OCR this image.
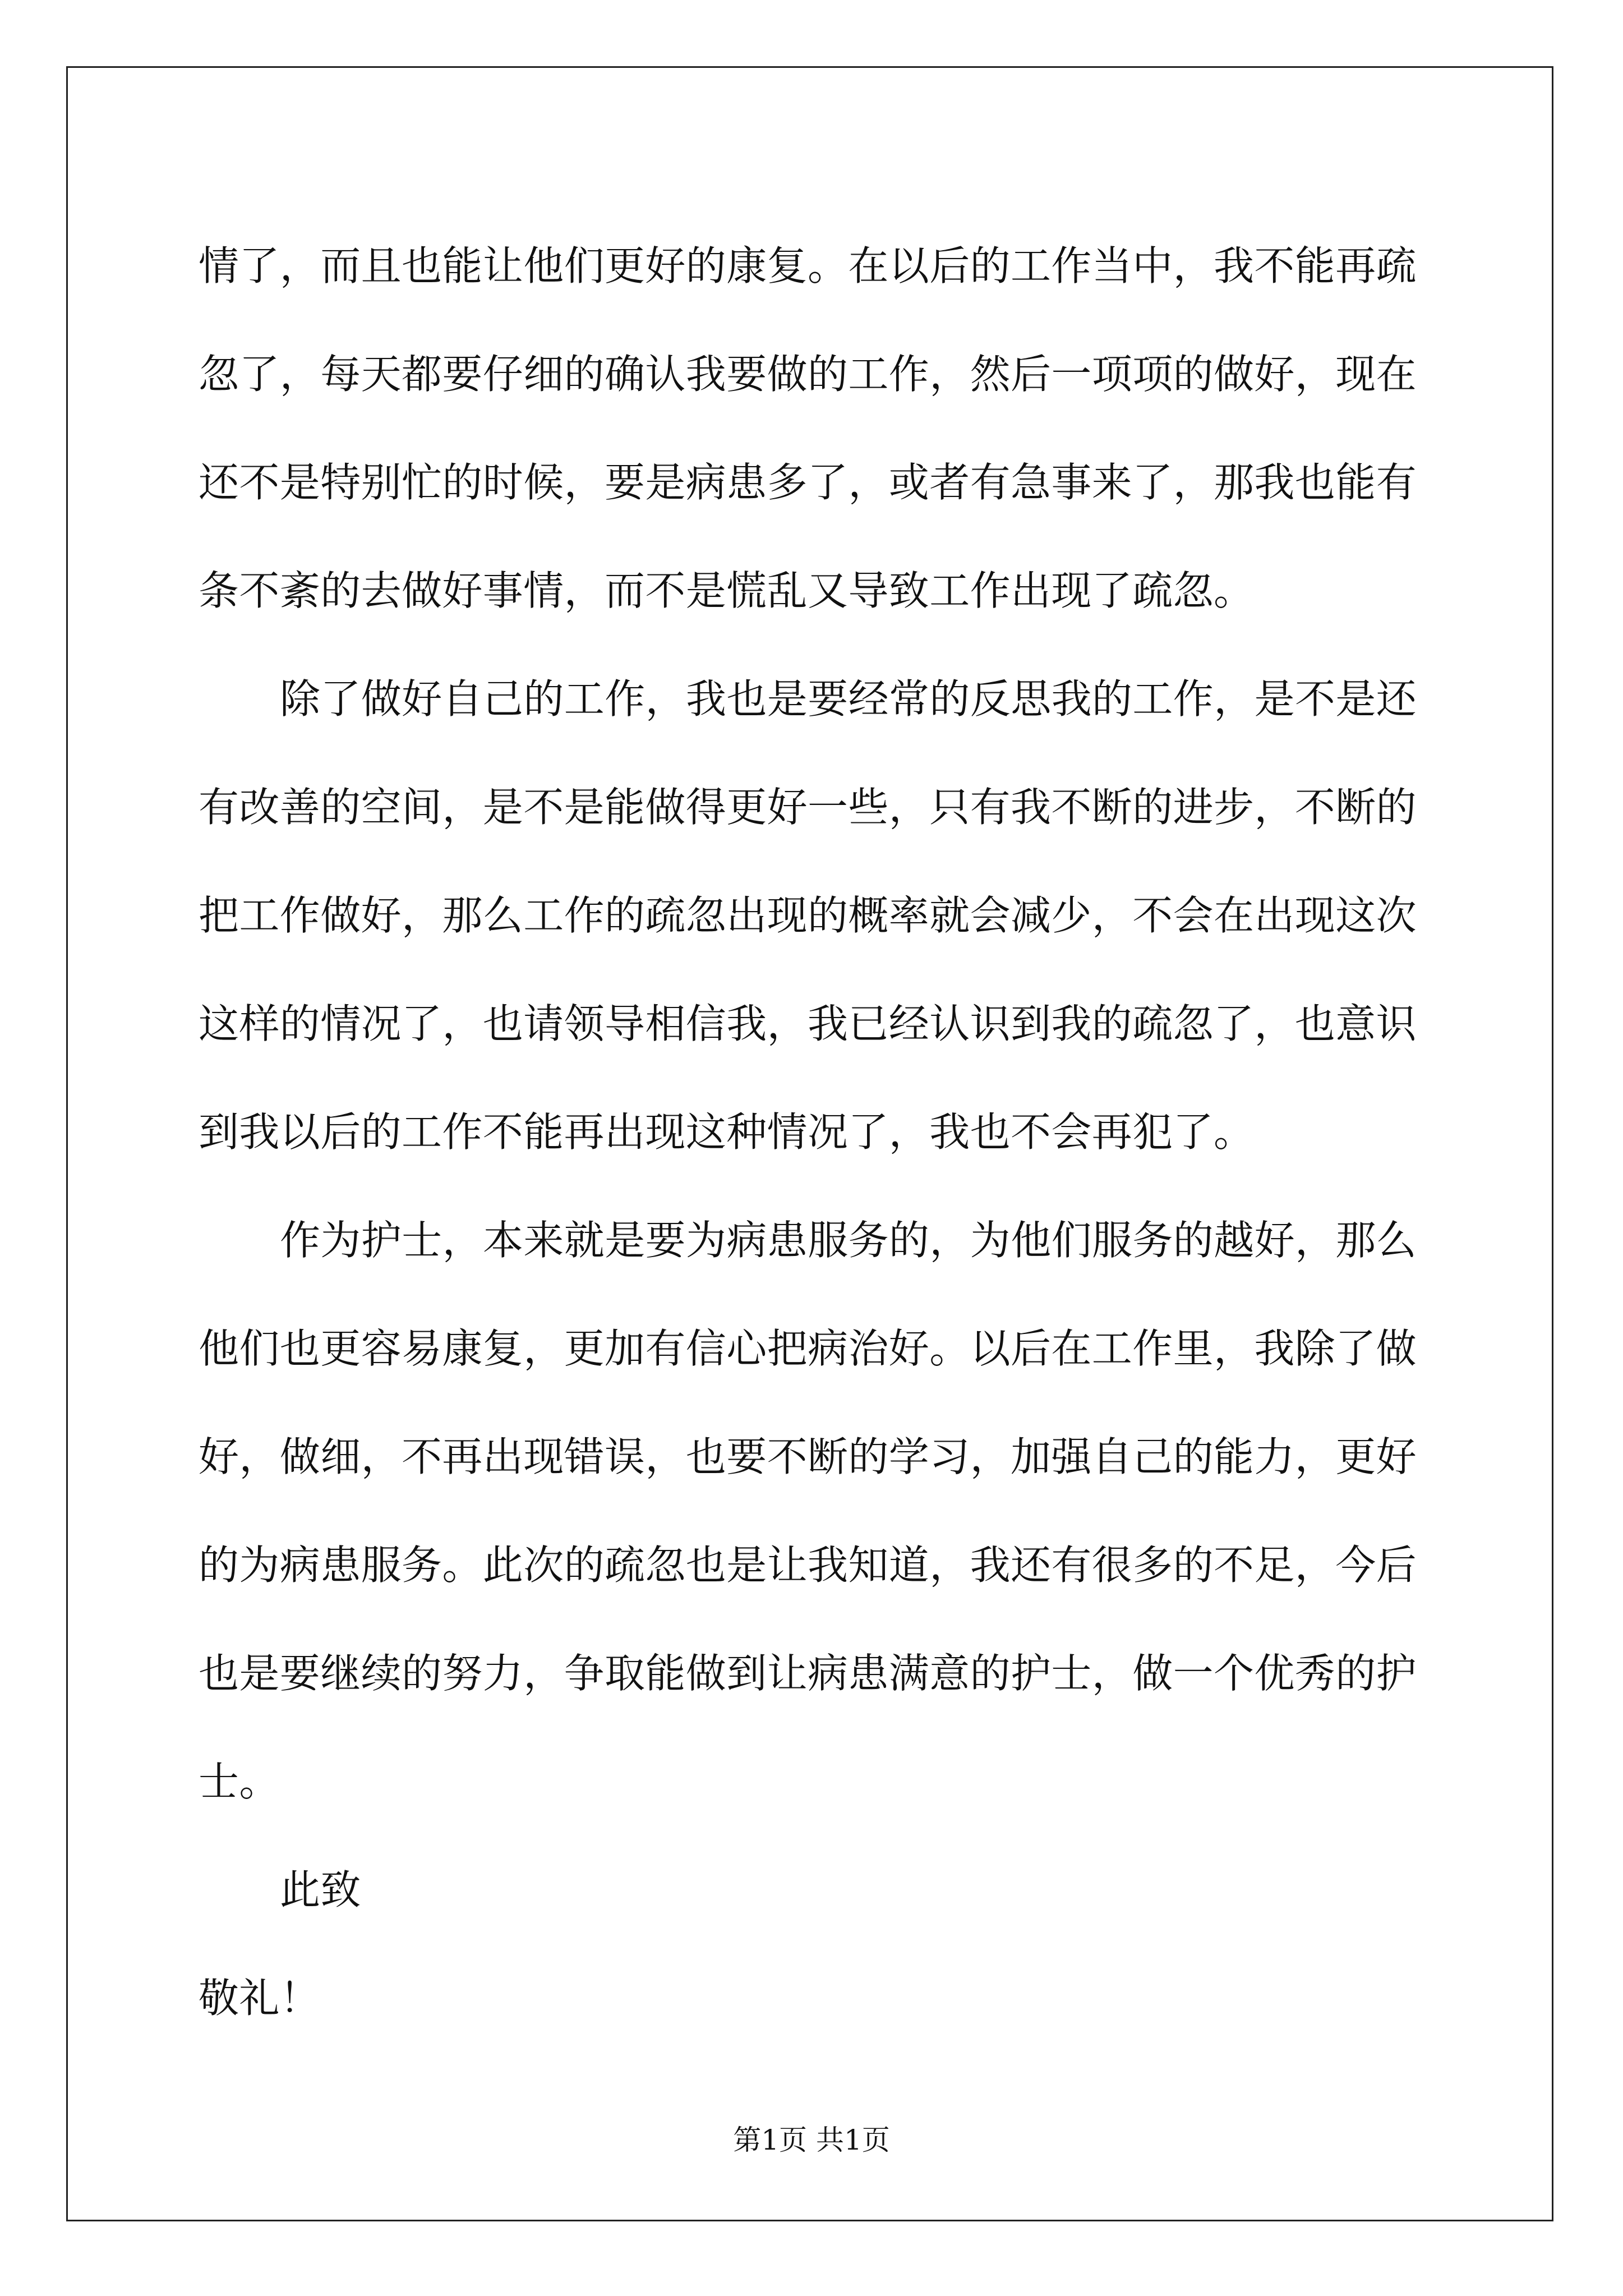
情了，而且也能让他们更好的康复。在以后的工作当中，我不能再疏
忽了，每天都要仔细的确认我要做的工作，然后一项项的做好，现在
还不是特别忙的时候，要是病患多了，或者有急事来了，那我也能有
条不紊的去做好事情，而不是慌乱又导致工作出现了疏忽。
除了做好自己的工作，我也是要经常的反思我的工作，是不是还
有改善的空间，是不是能做得更好一些，只有我不断的进步，不断的
把工作做好，那么工作的疏忽出现的概率就会减少，不会在出现这次
这样的情况了，也请领导相信我，我已经认识到我的疏忽了，也意识
到我以后的工作不能再出现这种情况了，我也不会再犯了。
作为护士，本来就是要为病患服务的，为他们服务的越好，那么
他们也更容易康复，更加有信心把病治好。以后在工作里，我除了做
好，做细，不再出现错误，也要不断的学习，加强自己的能力，更好
的为病患服务。此次的疏忽也是让我知道，我还有很多的不足，今后
也是要继续的努力，争取能做到让病患满意的护士，做一个优秀的护
士。
此致
敬礼！
第1页 共1页
